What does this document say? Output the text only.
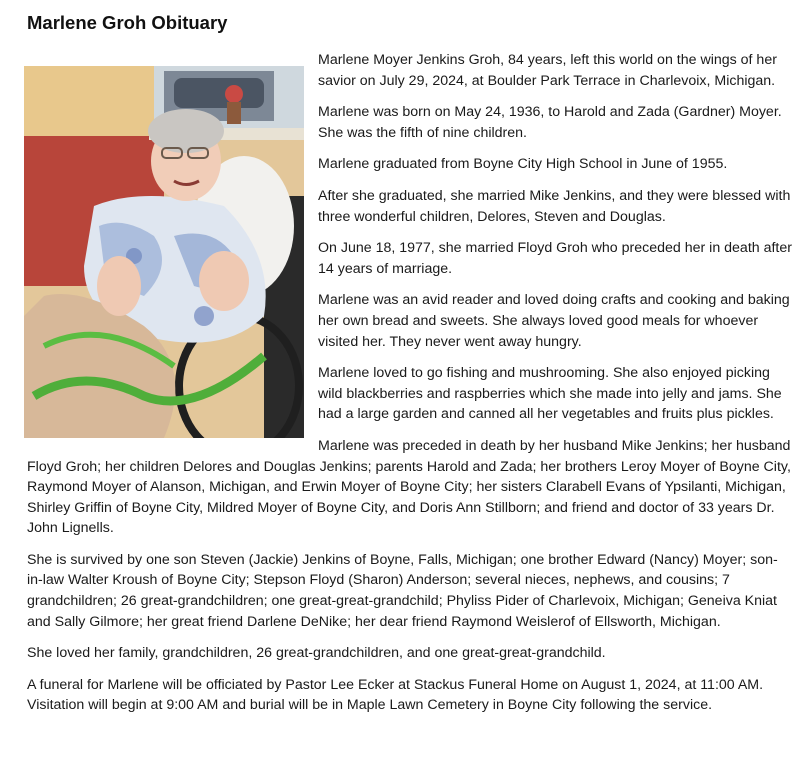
Marlene Groh Obituary

Marlene Moyer Jenkins Groh, 84 years, left this world on the wings of her savior on July 29, 2024, at Boulder Park Terrace in Charlevoix, Michigan.

Marlene was born on May 24, 1936, to Harold and Zada (Gardner) Moyer. She was the fifth of nine children.

Marlene graduated from Boyne City High School in June of 1955.

After she graduated, she married Mike Jenkins, and they were blessed with three wonderful children, Delores, Steven and Douglas.

On June 18, 1977, she married Floyd Groh who preceded her in death after 14 years of marriage.

Marlene was an avid reader and loved doing crafts and cooking and baking her own bread and sweets. She always loved good meals for whoever visited her. They never went away hungry.

Marlene loved to go fishing and mushrooming. She also enjoyed picking wild blackberries and raspberries which she made into jelly and jams. She had a large garden and canned all her vegetables and fruits plus pickles.

Marlene was preceded in death by her husband Mike Jenkins; her husband Floyd Groh; her children Delores and Douglas Jenkins; parents Harold and Zada; her brothers Leroy Moyer of Boyne City, Raymond Moyer of Alanson, Michigan, and Erwin Moyer of Boyne City; her sisters Clarabell Evans of Ypsilanti, Michigan, Shirley Griffin of Boyne City, Mildred Moyer of Boyne City, and Doris Ann Stillborn; and friend and doctor of 33 years Dr. John Lignells.

She is survived by one son Steven (Jackie) Jenkins of Boyne, Falls, Michigan; one brother Edward (Nancy) Moyer; son-in-law Walter Kroush of Boyne City; Stepson Floyd (Sharon) Anderson; several nieces, nephews, and cousins; 7 grandchildren; 26 great-grandchildren; one great-great-grandchild; Phyliss Pider of Charlevoix, Michigan; Geneiva Kniat and Sally Gilmore; her great friend Darlene DeNike; her dear friend Raymond Weislerof of Ellsworth, Michigan.

She loved her family, grandchildren, 26 great-grandchildren, and one great-great-grandchild.

A funeral for Marlene will be officiated by Pastor Lee Ecker at Stackus Funeral Home on August 1, 2024, at 11:00 AM. Visitation will begin at 9:00 AM and burial will be in Maple Lawn Cemetery in Boyne City following the service.
